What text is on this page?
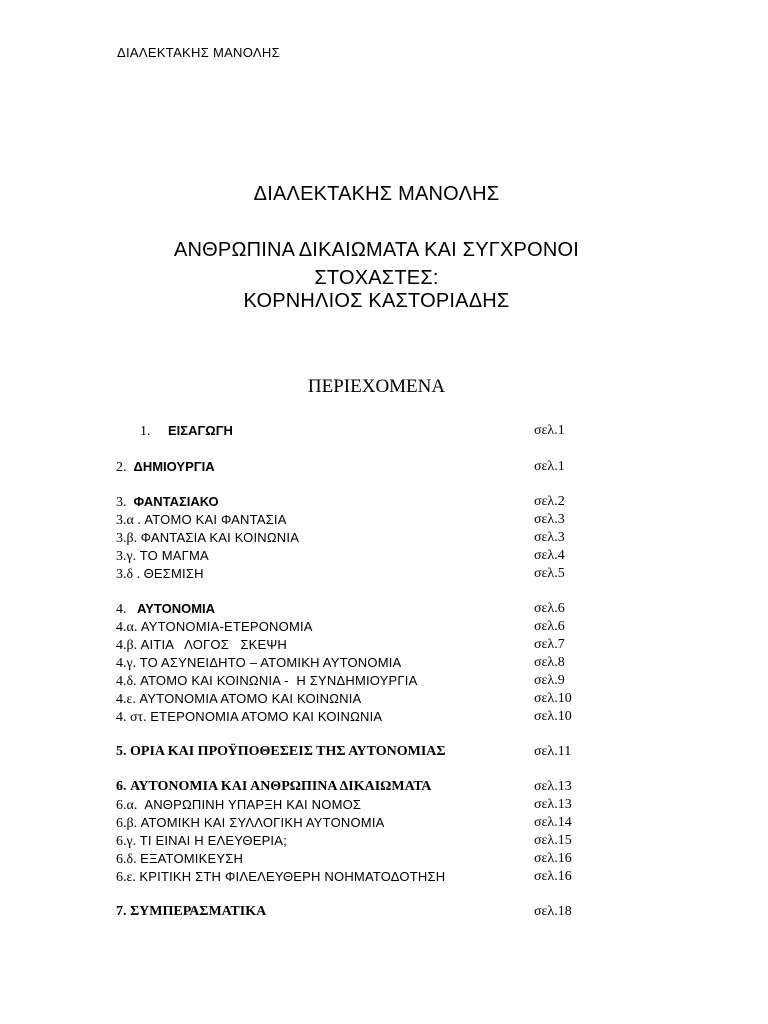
ΔΙΑΛΕΚΤΑΚΗΣ ΜΑΝΟΛΗΣ
ΔΙΑΛΕΚΤΑΚΗΣ ΜΑΝΟΛΗΣ
ΑΝΘΡΩΠΙΝΑ ΔΙΚΑΙΩΜΑΤΑ ΚΑΙ ΣΥΓΧΡΟΝΟΙ
ΣΤΟΧΑΣΤΕΣ:
ΚΟΡΝΗΛΙΟΣ ΚΑΣΤΟΡΙΑΔΗΣ
ΠΕΡΙΕΧΟΜΕΝΑ
1. ΕΙΣΑΓΩΓΗ	σελ.1
2. ΔΗΜΙΟΥΡΓΙΑ	σελ.1
3. ΦΑΝΤΑΣΙΑΚΟ	σελ.2
3.α . ΑΤΟΜΟ ΚΑΙ ΦΑΝΤΑΣΙΑ	σελ.3
3.β. ΦΑΝΤΑΣΙΑ ΚΑΙ ΚΟΙΝΩΝΙΑ	σελ.3
3.γ. ΤΟ ΜΑΓΜΑ	σελ.4
3.δ . ΘΕΣΜΙΣΗ	σελ.5
4. ΑΥΤΟΝΟΜΙΑ	σελ.6
4.α. ΑΥΤΟΝΟΜΙΑ-ΕΤΕΡΟΝΟΜΙΑ	σελ.6
4.β. ΑΙΤΙΑ   ΛΟΓΟΣ   ΣΚΕΨΗ	σελ.7
4.γ. ΤΟ ΑΣΥΝΕΙΔΗΤΟ – ΑΤΟΜΙΚΗ ΑΥΤΟΝΟΜΙΑ	σελ.8
4.δ. ΑΤΟΜΟ ΚΑΙ ΚΟΙΝΩΝΙΑ -  Η ΣΥΝΔΗΜΙΟΥΡΓΙΑ	σελ.9
4.ε. ΑΥΤΟΝΟΜΙΑ ΑΤΟΜΟ ΚΑΙ ΚΟΙΝΩΝΙΑ	σελ.10
4. στ. ΕΤΕΡΟΝΟΜΙΑ ΑΤΟΜΟ ΚΑΙ ΚΟΙΝΩΝΙΑ	σελ.10
5. ΟΡΙΑ ΚΑΙ ΠΡΟΫΠΟΘΕΣΕΙΣ ΤΗΣ ΑΥΤΟΝΟΜΙΑΣ	σελ.11
6. ΑΥΤΟΝΟΜΙΑ ΚΑΙ ΑΝΘΡΩΠΙΝΑ ΔΙΚΑΙΩΜΑΤΑ	σελ.13
6.α. ΑΝΘΡΩΠΙΝΗ ΥΠΑΡΞΗ ΚΑΙ ΝΟΜΟΣ	σελ.13
6.β. ΑΤΟΜΙΚΗ ΚΑΙ ΣΥΛΛΟΓΙΚΗ ΑΥΤΟΝΟΜΙΑ	σελ.14
6.γ. ΤΙ ΕΙΝΑΙ Η ΕΛΕΥΘΕΡΙΑ;	σελ.15
6.δ. ΕΞΑΤΟΜΙΚΕΥΣΗ	σελ.16
6.ε. ΚΡΙΤΙΚΗ ΣΤΗ ΦΙΛΕΛΕΥΘΕΡΗ ΝΟΗΜΑΤΟΔΟΤΗΣΗ	σελ.16
7. ΣΥΜΠΕΡΑΣΜΑΤΙΚΑ	σελ.18
